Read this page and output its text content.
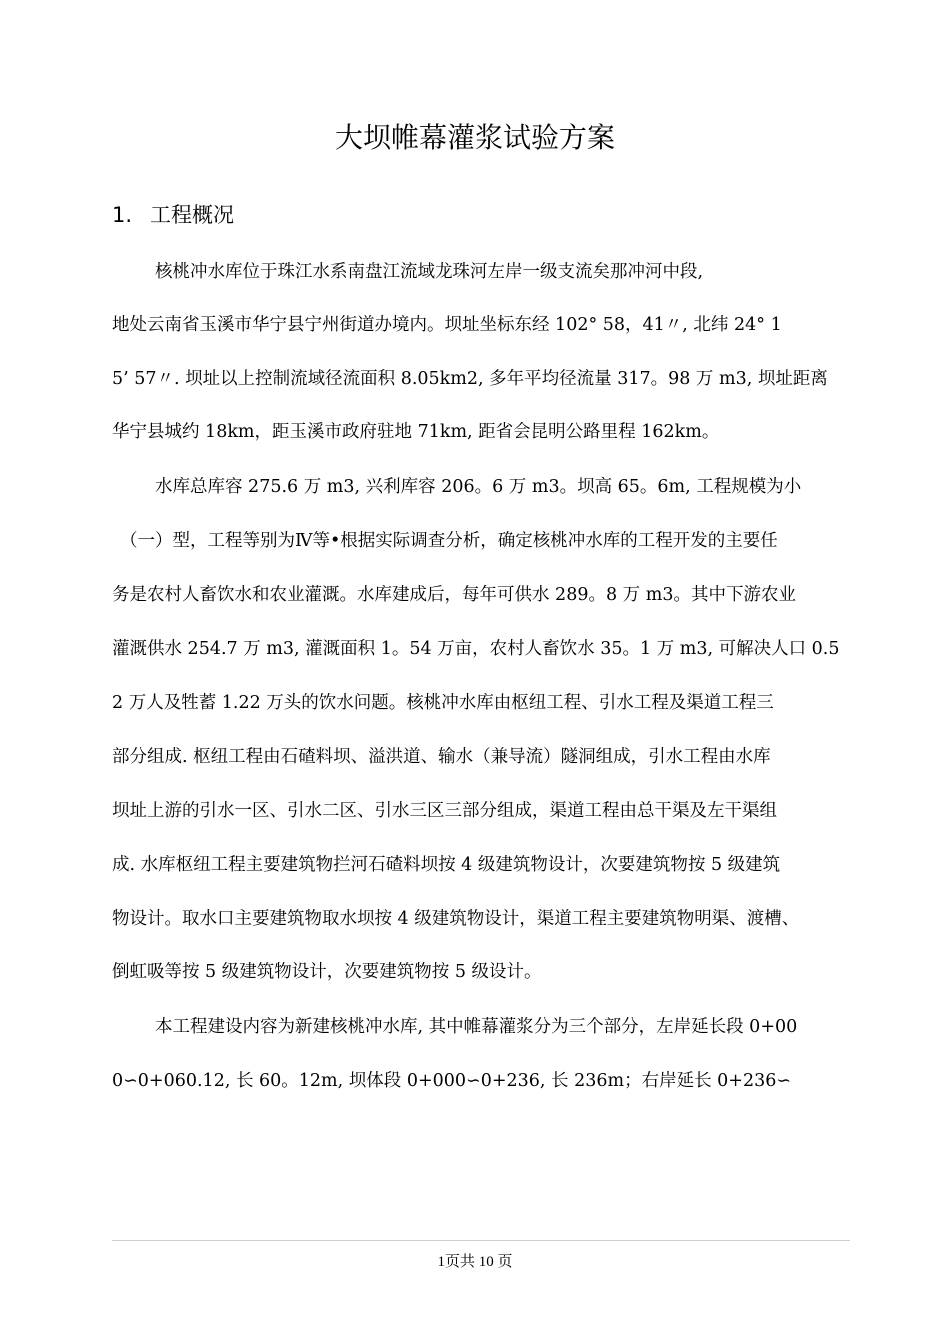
大坝帷幕灌浆试验方案
1. 工程概况

核桃冲水库位于珠江水系南盘江流域龙珠河左岸一级支流矣那冲河中段,

地处云南省玉溪市华宁县宁州街道办境内。坝址坐标东经 102° 58，41〃, 北纬 24° 1

5’ 57〃. 坝址以上控制流域径流面积 8.05km2, 多年平均径流量 317。98 万 m3, 坝址距离

华宁县城约 18km，距玉溪市政府驻地 71km, 距省会昆明公路里程 162km。

水库总库容 275.6 万 m3, 兴利库容 206。6 万 m3。坝高 65。6m, 工程规模为小

（一）型，工程等别为Ⅳ等•根据实际调查分析，确定核桃冲水库的工程开发的主要任

务是农村人畜饮水和农业灌溉。水库建成后，每年可供水 289。8 万 m3。其中下游农业

灌溉供水 254.7 万 m3, 灌溉面积 1。54 万亩，农村人畜饮水 35。1 万 m3, 可解决人口 0.5

2 万人及牲蓄 1.22 万头的饮水问题。核桃冲水库由枢纽工程、引水工程及渠道工程三

部分组成. 枢纽工程由石碴料坝、溢洪道、输水（兼导流）隧洞组成，引水工程由水库

坝址上游的引水一区、引水二区、引水三区三部分组成，渠道工程由总干渠及左干渠组

成. 水库枢纽工程主要建筑物拦河石碴料坝按 4 级建筑物设计，次要建筑物按 5 级建筑

物设计。取水口主要建筑物取水坝按 4 级建筑物设计，渠道工程主要建筑物明渠、渡槽、

倒虹吸等按 5 级建筑物设计，次要建筑物按 5 级设计。

本工程建设内容为新建核桃冲水库, 其中帷幕灌浆分为三个部分，左岸延长段 0+00

0∽0+060.12, 长 60。12m, 坝体段 0+000∽0+236, 长 236m；右岸延长 0+236∽

1页共 10 页
